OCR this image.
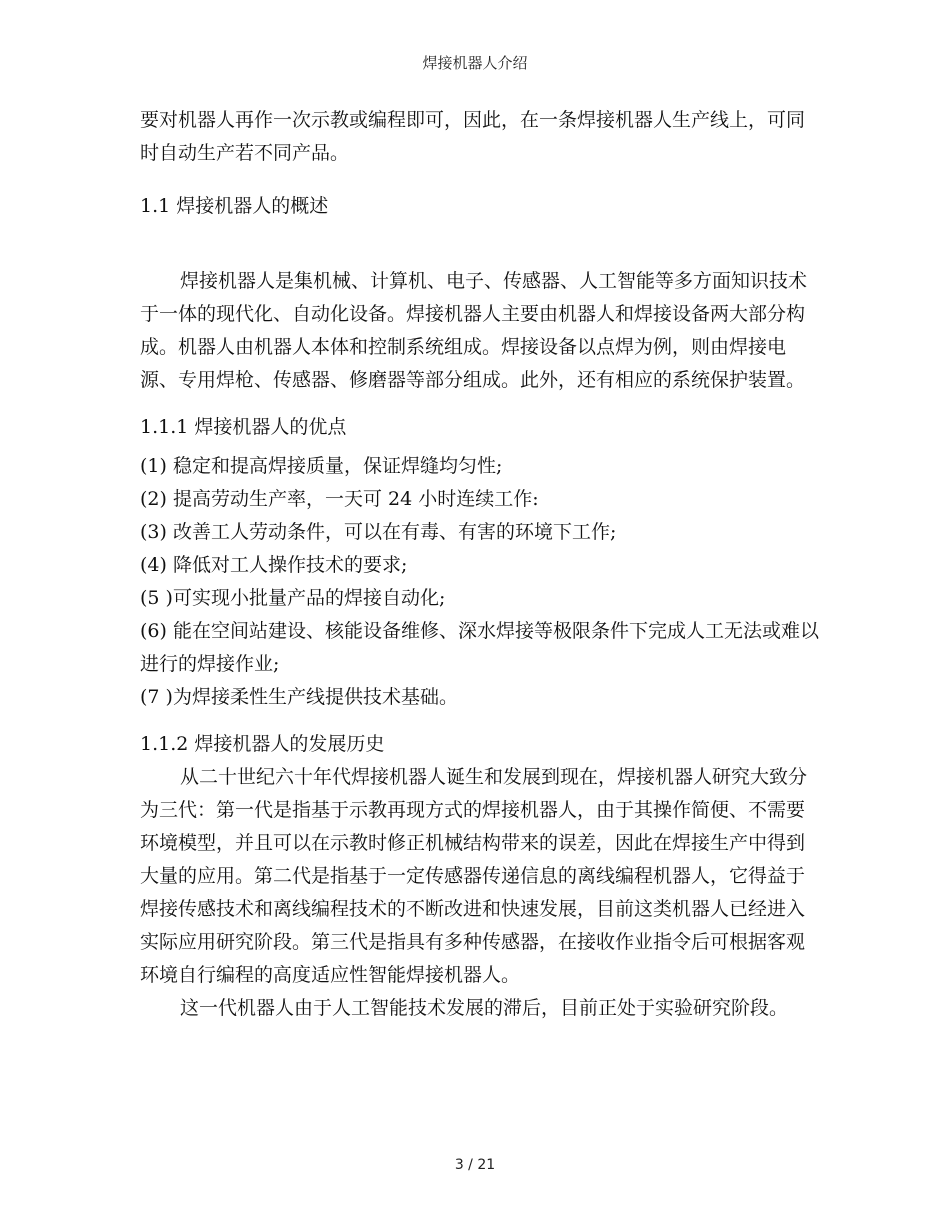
焊接机器人介绍

要对机器人再作一次示教或编程即可，因此，在一条焊接机器人生产线上，可同时自动生产若不同产品。

1.1 焊接机器人的概述

焊接机器人是集机械、计算机、电子、传感器、人工智能等多方面知识技术于一体的现代化、自动化设备。焊接机器人主要由机器人和焊接设备两大部分构成。机器人由机器人本体和控制系统组成。焊接设备以点焊为例，则由焊接电源、专用焊枪、传感器、修磨器等部分组成。此外，还有相应的系统保护装置。

1.1.1 焊接机器人的优点

(1) 稳定和提高焊接质量，保证焊缝均匀性;

(2) 提高劳动生产率，一天可 24 小时连续工作:

(3) 改善工人劳动条件，可以在有毒、有害的环境下工作;

(4) 降低对工人操作技术的要求;

(5 )可实现小批量产品的焊接自动化;

(6) 能在空间站建设、核能设备维修、深水焊接等极限条件下完成人工无法或难以进行的焊接作业;

(7 )为焊接柔性生产线提供技术基础。

1.1.2 焊接机器人的发展历史

从二十世纪六十年代焊接机器人诞生和发展到现在，焊接机器人研究大致分为三代：第一代是指基于示教再现方式的焊接机器人，由于其操作简便、不需要环境模型，并且可以在示教时修正机械结构带来的误差，因此在焊接生产中得到大量的应用。第二代是指基于一定传感器传递信息的离线编程机器人，它得益于焊接传感技术和离线编程技术的不断改进和快速发展，目前这类机器人已经进入实际应用研究阶段。第三代是指具有多种传感器，在接收作业指令后可根据客观环境自行编程的高度适应性智能焊接机器人。

这一代机器人由于人工智能技术发展的滞后，目前正处于实验研究阶段。

3 / 21
